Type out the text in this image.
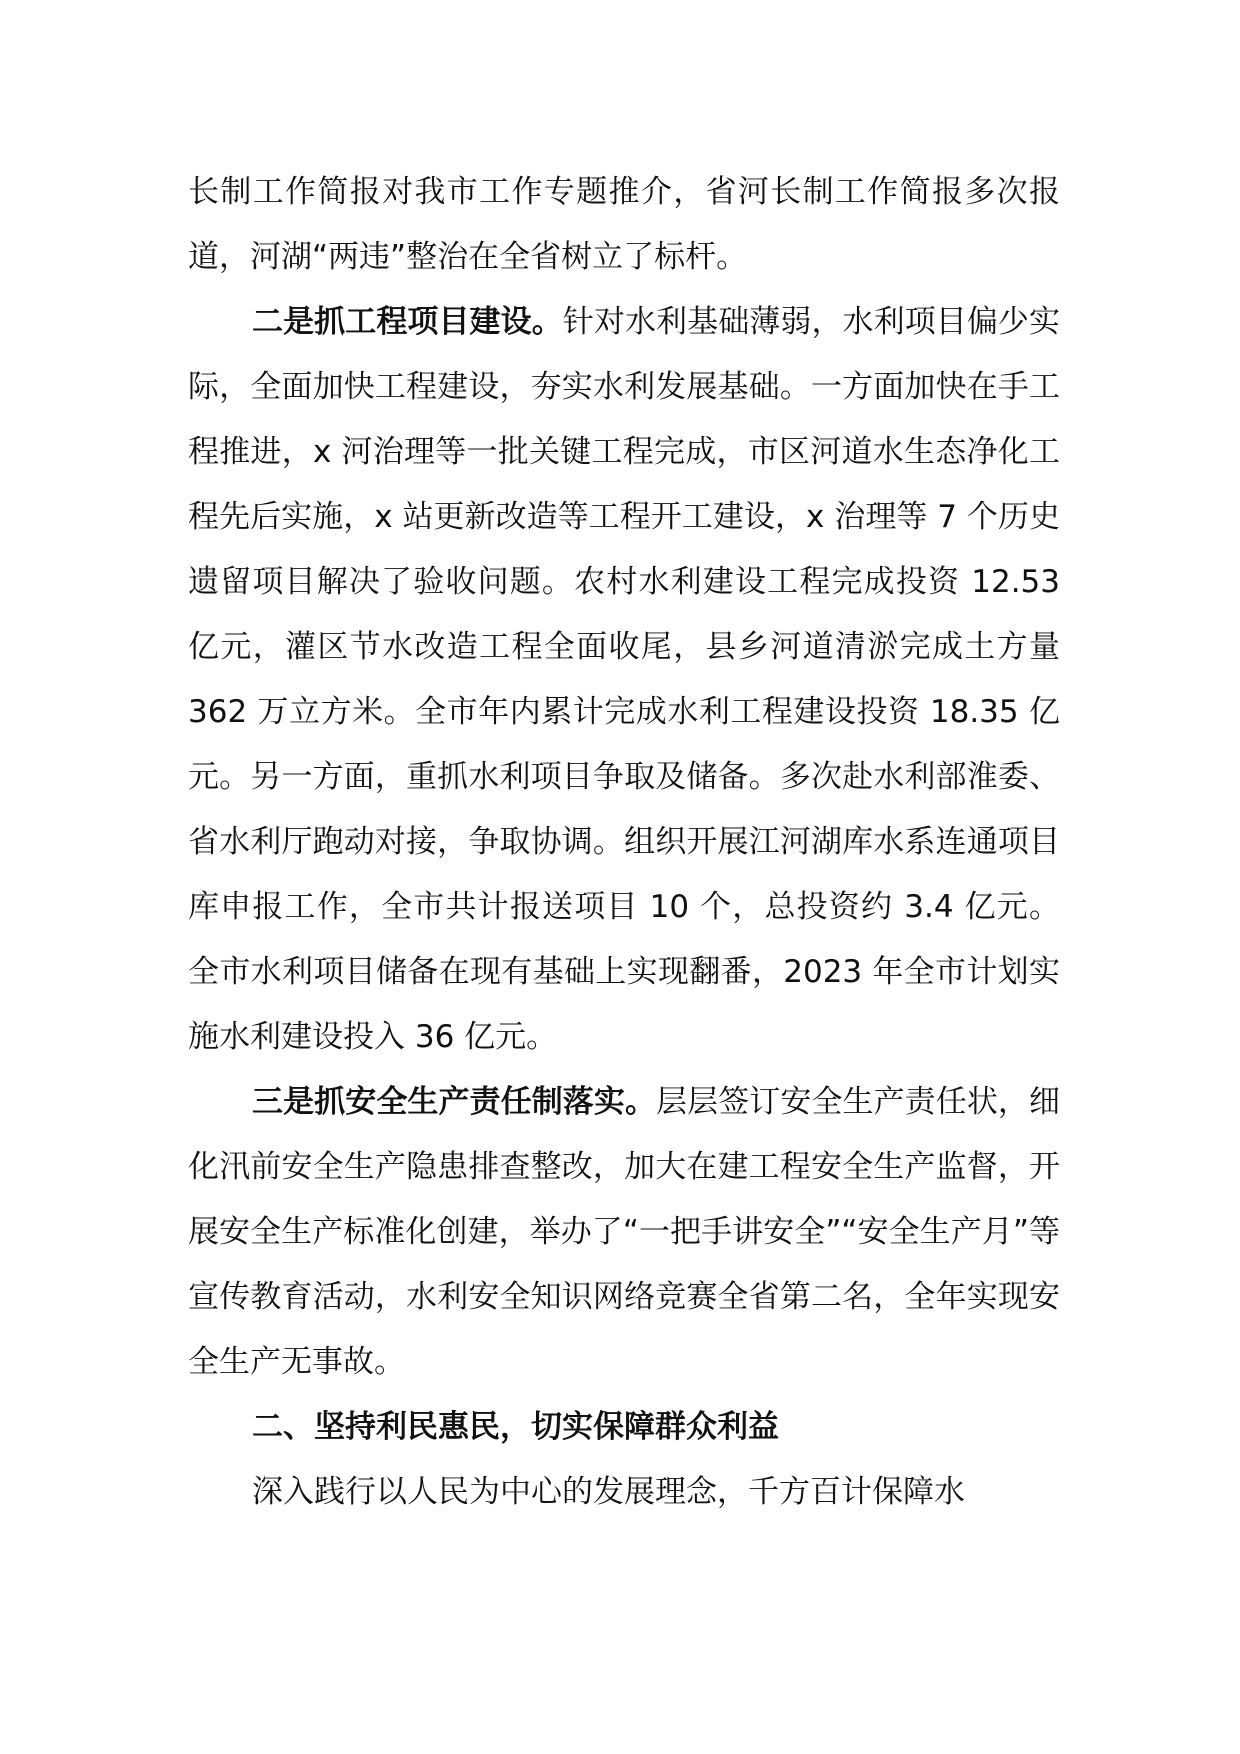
长制工作简报对我市工作专题推介，省河长制工作简报多次报道，河湖“两违”整治在全省树立了标杆。

二是抓工程项目建设。针对水利基础薄弱，水利项目偏少实际，全面加快工程建设，夯实水利发展基础。一方面加快在手工程推进，x 河治理等一批关键工程完成，市区河道水生态净化工程先后实施，x 站更新改造等工程开工建设，x 治理等 7 个历史遗留项目解决了验收问题。农村水利建设工程完成投资 12.53 亿元，灌区节水改造工程全面收尾，县乡河道清淤完成土方量 362 万立方米。全市年内累计完成水利工程建设投资 18.35 亿元。另一方面，重抓水利项目争取及储备。多次赴水利部淮委、省水利厅跑动对接，争取协调。组织开展江河湖库水系连通项目库申报工作，全市共计报送项目 10 个，总投资约 3.4 亿元。全市水利项目储备在现有基础上实现翻番，2023 年全市计划实施水利建设投入 36 亿元。

三是抓安全生产责任制落实。层层签订安全生产责任状，细化汛前安全生产隐患排查整改，加大在建工程安全生产监督，开展安全生产标准化创建，举办了“一把手讲安全”“安全生产月”等宣传教育活动，水利安全知识网络竞赛全省第二名，全年实现安全生产无事故。

二、坚持利民惠民，切实保障群众利益

深入践行以人民为中心的发展理念，千方百计保障水
